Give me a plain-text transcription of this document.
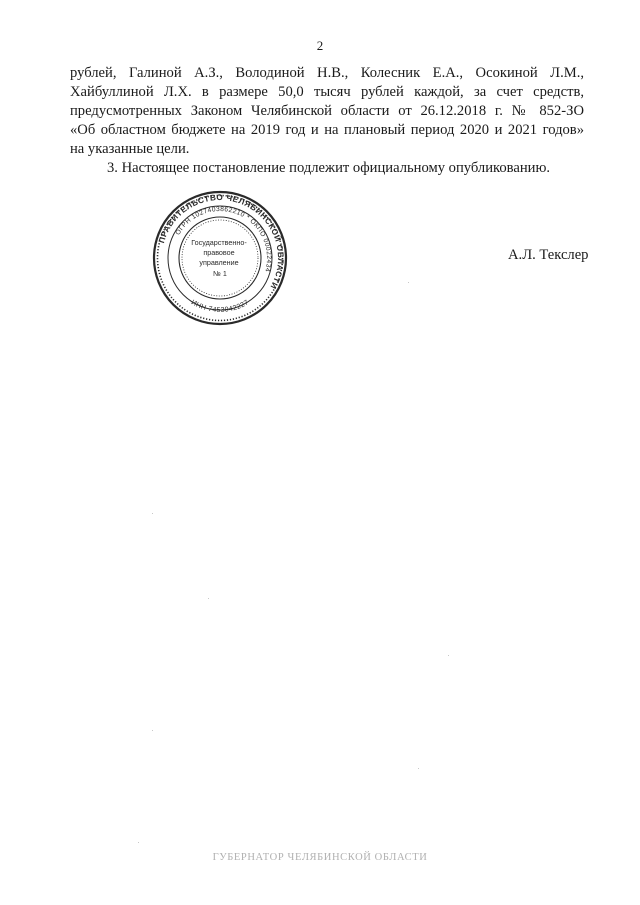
2

рублей, Галиной А.З., Володиной Н.В., Колесник Е.А., Осокиной Л.М.,
Хайбуллиной Л.Х. в размере 50,0 тысяч рублей каждой, за счет средств,
предусмотренных Законом Челябинской области от 26.12.2018 г. № 852-ЗО
«Об областном бюджете на 2019 год и на плановый период 2020 и 2021 годов»
на указанные цели.

3. Настоящее постановление подлежит официальному опубликованию.

ПРАВИТЕЛЬСТВО ЧЕЛЯБИНСКОЙ ОБЛАСТИ
ОГРН 1027403862210 * ОКПО 00022434
ИНН 7453042227
Государственно- правовое управление № 1
А.Л. Текслер
ГУБЕРНАТОР ЧЕЛЯБИНСКОЙ ОБЛАСТИ
